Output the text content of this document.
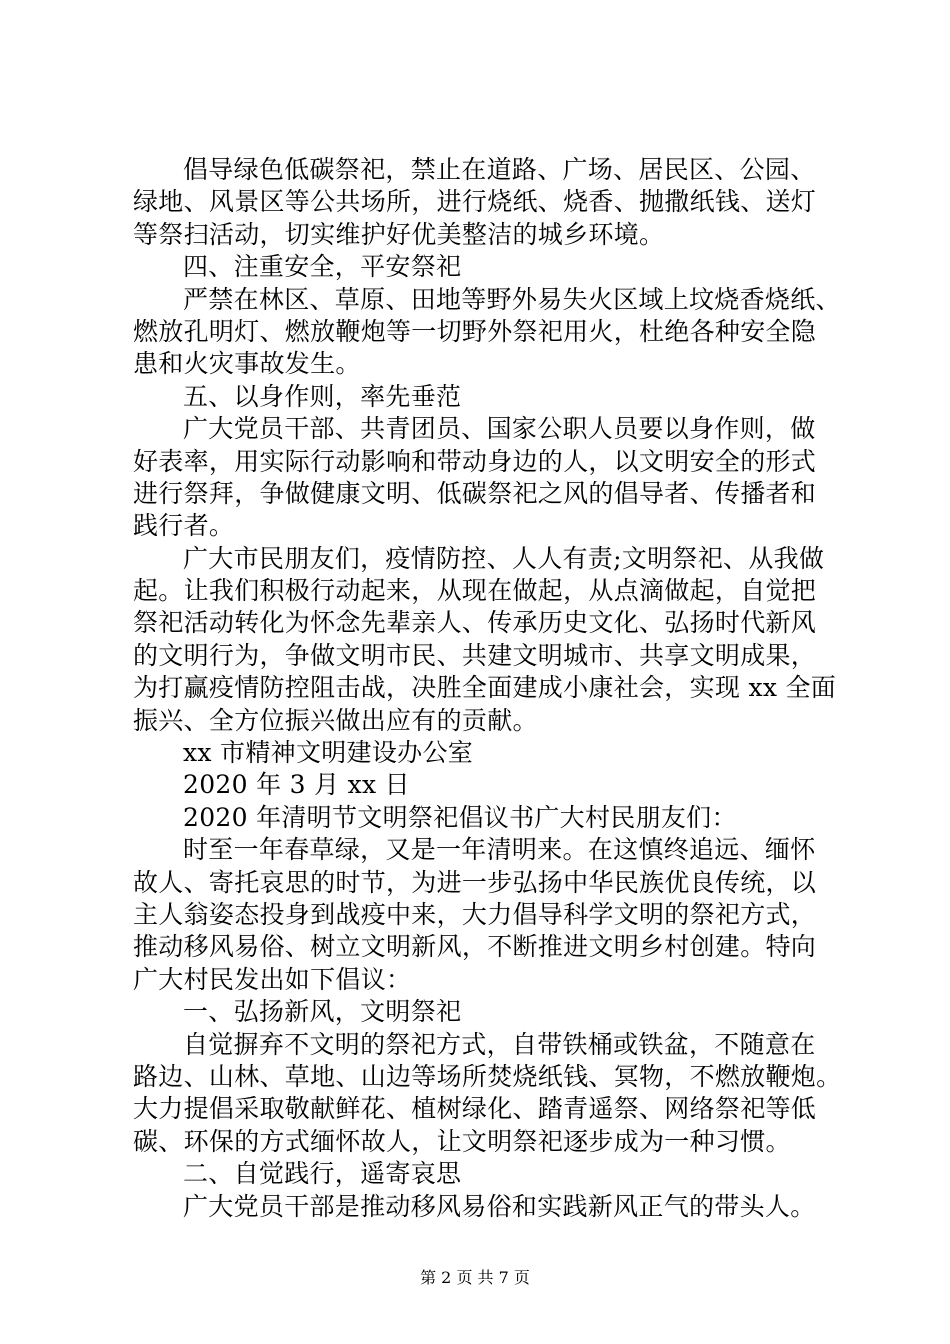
倡导绿色低碳祭祀，禁止在道路、广场、居民区、公园、
绿地、风景区等公共场所，进行烧纸、烧香、抛撒纸钱、送灯
等祭扫活动，切实维护好优美整洁的城乡环境。
四、注重安全，平安祭祀
严禁在林区、草原、田地等野外易失火区域上坟烧香烧纸、
燃放孔明灯、燃放鞭炮等一切野外祭祀用火，杜绝各种安全隐
患和火灾事故发生。
五、以身作则，率先垂范
广大党员干部、共青团员、国家公职人员要以身作则，做
好表率，用实际行动影响和带动身边的人，以文明安全的形式
进行祭拜，争做健康文明、低碳祭祀之风的倡导者、传播者和
践行者。
广大市民朋友们，疫情防控、人人有责;文明祭祀、从我做
起。让我们积极行动起来，从现在做起，从点滴做起，自觉把
祭祀活动转化为怀念先辈亲人、传承历史文化、弘扬时代新风
的文明行为，争做文明市民、共建文明城市、共享文明成果，
为打赢疫情防控阻击战，决胜全面建成小康社会，实现 xx 全面
振兴、全方位振兴做出应有的贡献。
xx 市精神文明建设办公室
2020 年 3 月 xx 日
2020 年清明节文明祭祀倡议书广大村民朋友们：
时至一年春草绿，又是一年清明来。在这慎终追远、缅怀
故人、寄托哀思的时节，为进一步弘扬中华民族优良传统，以
主人翁姿态投身到战疫中来，大力倡导科学文明的祭祀方式，
推动移风易俗、树立文明新风，不断推进文明乡村创建。特向
广大村民发出如下倡议：
一、弘扬新风，文明祭祀
自觉摒弃不文明的祭祀方式，自带铁桶或铁盆，不随意在
路边、山林、草地、山边等场所焚烧纸钱、冥物，不燃放鞭炮。
大力提倡采取敬献鲜花、植树绿化、踏青遥祭、网络祭祀等低
碳、环保的方式缅怀故人，让文明祭祀逐步成为一种习惯。
二、自觉践行，遥寄哀思
广大党员干部是推动移风易俗和实践新风正气的带头人。
第 2 页 共 7 页
